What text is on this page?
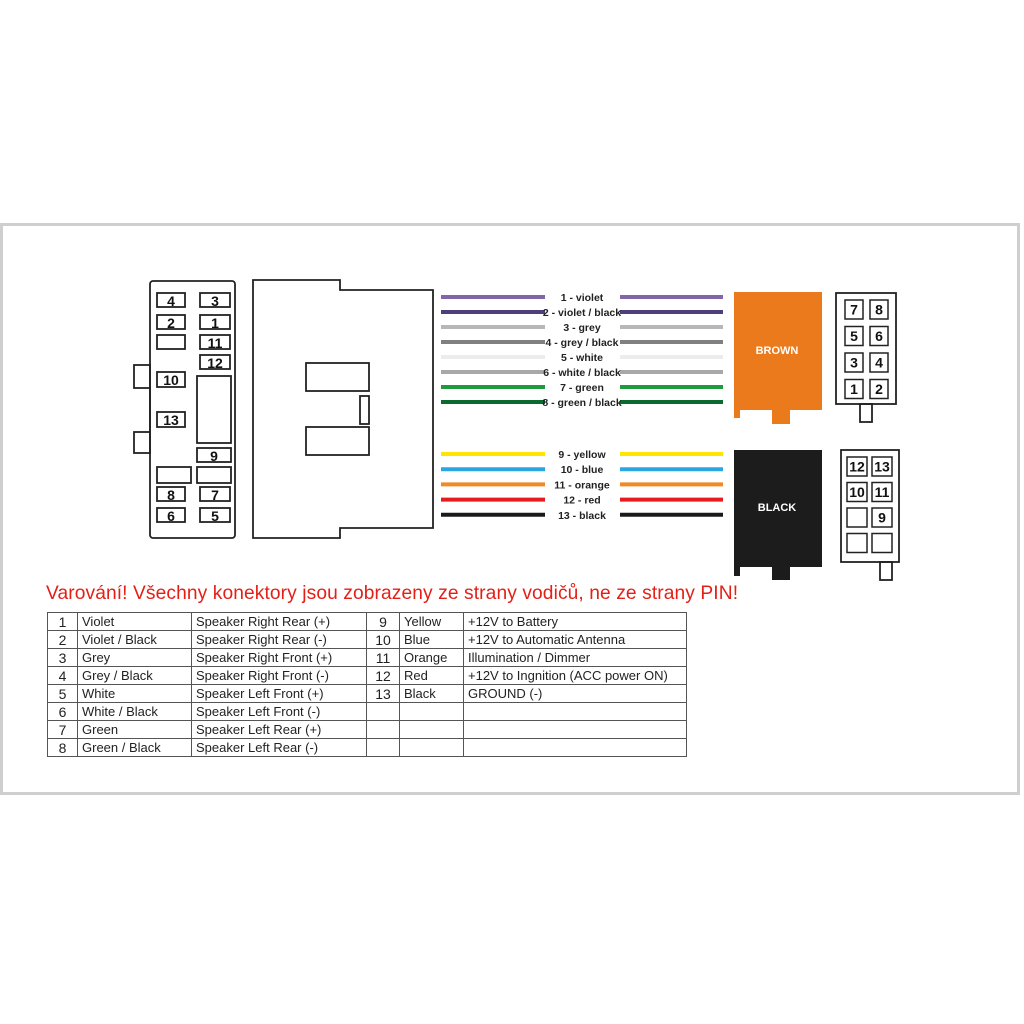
4	3
2	1
11
12
10
13
9
8	7
6	5
1 - violet
2 - violet / black
3 - grey
4 - grey / black
5 - white
6 - white / black
7 - green
8 - green / black
9 - yellow
10 - blue
11 - orange
12 - red
13 - black
BROWN
7 8
5 6
3 4
1 2
BLACK
12 13
10 11
9
Varování! Všechny konektory jsou zobrazeny ze strany vodičů, ne ze strany PIN!
1	Violet	Speaker Right Rear (+)	9	Yellow	+12V to Battery
2	Violet / Black	Speaker Right Rear (-)	10	Blue	+12V to Automatic Antenna
3	Grey	Speaker Right Front (+)	11	Orange	Illumination / Dimmer
4	Grey / Black	Speaker Right Front (-)	12	Red	+12V to Ingnition (ACC power ON)
5	White	Speaker Left Front (+)	13	Black	GROUND (-)
6	White / Black	Speaker Left Front (-)			
7	Green	Speaker Left Rear (+)			
8	Green / Black	Speaker Left Rear (-)			
